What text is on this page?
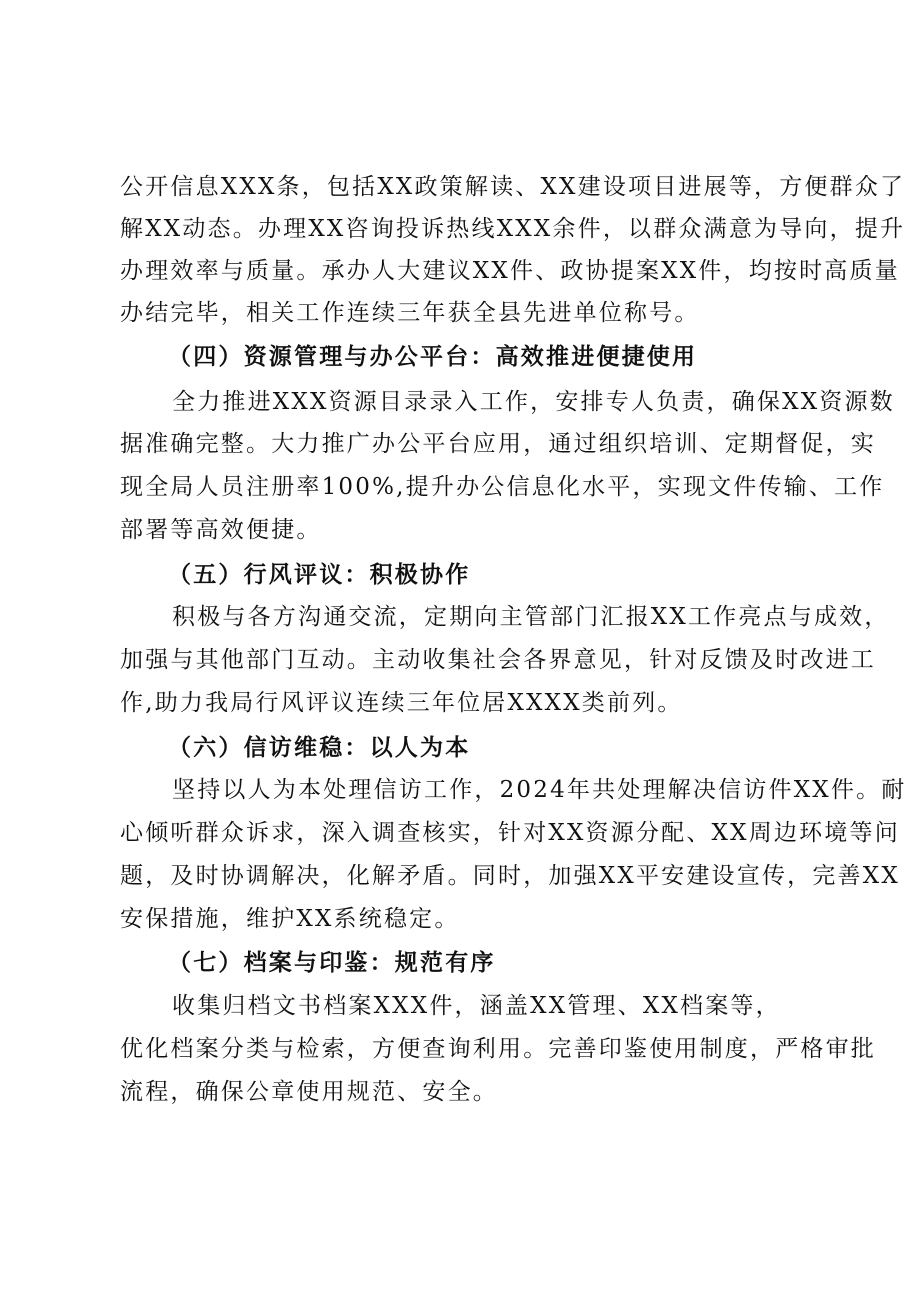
公开信息XXX条，包括XX政策解读、XX建设项目进展等，方便群众了
解XX动态。办理XX咨询投诉热线XXX余件，以群众满意为导向，提升
办理效率与质量。承办人大建议XX件、政协提案XX件，均按时高质量
办结完毕，相关工作连续三年获全县先进单位称号。
（四）资源管理与办公平台：高效推进便捷使用
全力推进XXX资源目录录入工作，安排专人负责，确保XX资源数
据准确完整。大力推广办公平台应用，通过组织培训、定期督促，实
现全局人员注册率100%,提升办公信息化水平，实现文件传输、工作
部署等高效便捷。
（五）行风评议：积极协作
积极与各方沟通交流，定期向主管部门汇报XX工作亮点与成效，
加强与其他部门互动。主动收集社会各界意见，针对反馈及时改进工
作,助力我局行风评议连续三年位居XXXX类前列。
（六）信访维稳：以人为本
坚持以人为本处理信访工作，2024年共处理解决信访件XX件。耐
心倾听群众诉求，深入调查核实，针对XX资源分配、XX周边环境等问
题，及时协调解决，化解矛盾。同时，加强XX平安建设宣传，完善XX
安保措施，维护XX系统稳定。
（七）档案与印鉴：规范有序
收集归档文书档案XXX件，涵盖XX管理、XX档案等，
优化档案分类与检索，方便查询利用。完善印鉴使用制度，严格审批
流程，确保公章使用规范、安全。
